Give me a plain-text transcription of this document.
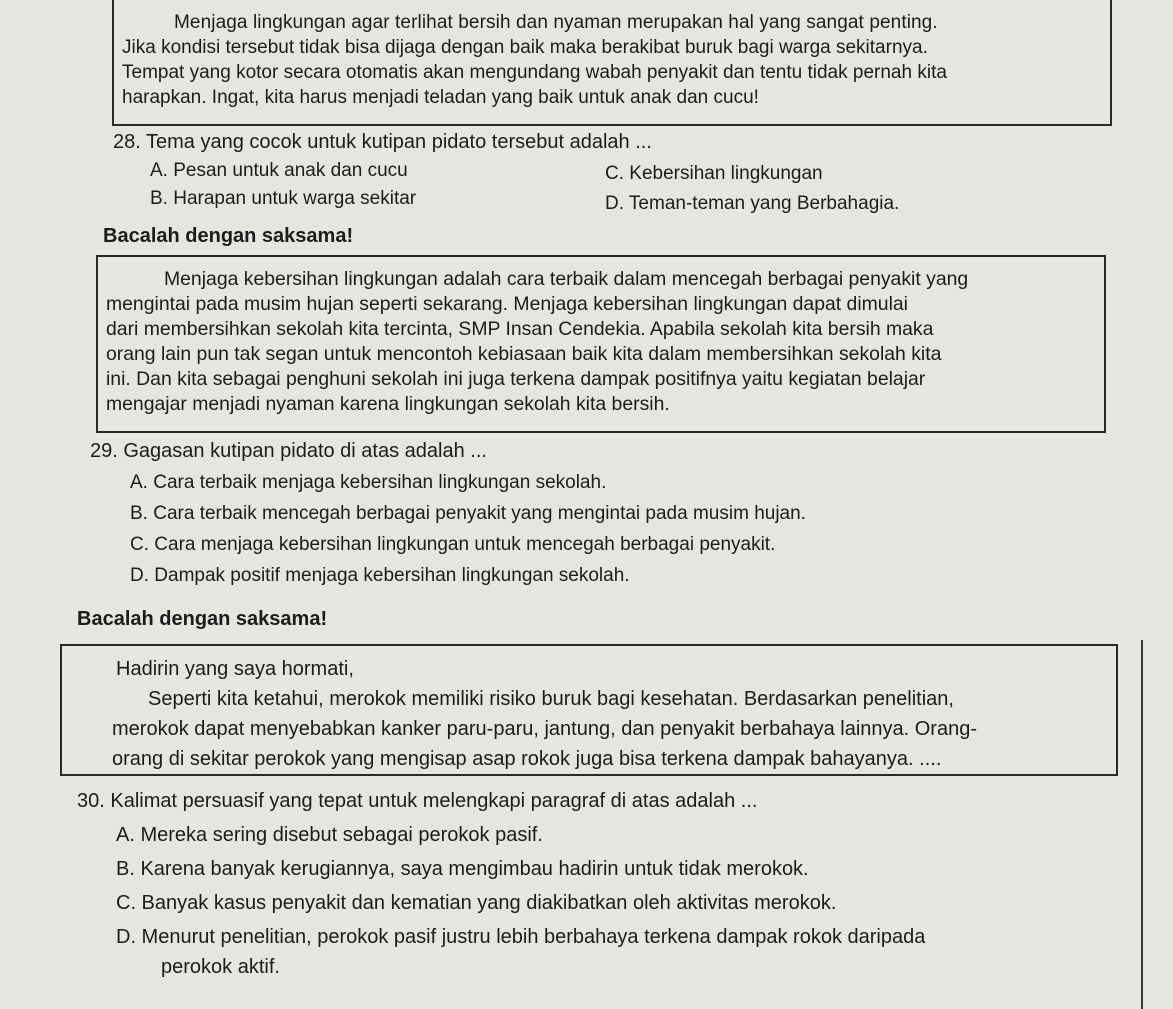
Menjaga lingkungan agar terlihat bersih dan nyaman merupakan hal yang sangat penting.

Jika kondisi tersebut tidak bisa dijaga dengan baik maka berakibat buruk bagi warga sekitarnya.

Tempat yang kotor secara otomatis akan mengundang wabah penyakit dan tentu tidak pernah kita

harapkan. Ingat, kita harus menjadi teladan yang baik untuk anak dan cucu!

28. Tema yang cocok untuk kutipan pidato tersebut adalah ...
A. Pesan untuk anak dan cucu	C. Kebersihan lingkungan
B. Harapan untuk warga sekitar	D. Teman-teman yang Berbahagia.
Bacalah dengan saksama!

Menjaga kebersihan lingkungan adalah cara terbaik dalam mencegah berbagai penyakit yang

mengintai pada musim hujan seperti sekarang. Menjaga kebersihan lingkungan dapat dimulai

dari membersihkan sekolah kita tercinta, SMP Insan Cendekia. Apabila sekolah kita bersih maka

orang lain pun tak segan untuk mencontoh kebiasaan baik kita dalam membersihkan sekolah kita

ini. Dan kita sebagai penghuni sekolah ini juga terkena dampak positifnya yaitu kegiatan belajar

mengajar menjadi nyaman karena lingkungan sekolah kita bersih.

29. Gagasan kutipan pidato di atas adalah ...
A. Cara terbaik menjaga kebersihan lingkungan sekolah.
B. Cara terbaik mencegah berbagai penyakit yang mengintai pada musim hujan.
C. Cara menjaga kebersihan lingkungan untuk mencegah berbagai penyakit.
D. Dampak positif menjaga kebersihan lingkungan sekolah.
Bacalah dengan saksama!

Hadirin yang saya hormati,

Seperti kita ketahui, merokok memiliki risiko buruk bagi kesehatan. Berdasarkan penelitian,

merokok dapat menyebabkan kanker paru-paru, jantung, dan penyakit berbahaya lainnya. Orang-

orang di sekitar perokok yang mengisap asap rokok juga bisa terkena dampak bahayanya. ....

30. Kalimat persuasif yang tepat untuk melengkapi paragraf di atas adalah ...
A. Mereka sering disebut sebagai perokok pasif.
B. Karena banyak kerugiannya, saya mengimbau hadirin untuk tidak merokok.
C. Banyak kasus penyakit dan kematian yang diakibatkan oleh aktivitas merokok.
D. Menurut penelitian, perokok pasif justru lebih berbahaya terkena dampak rokok daripada
perokok aktif.
